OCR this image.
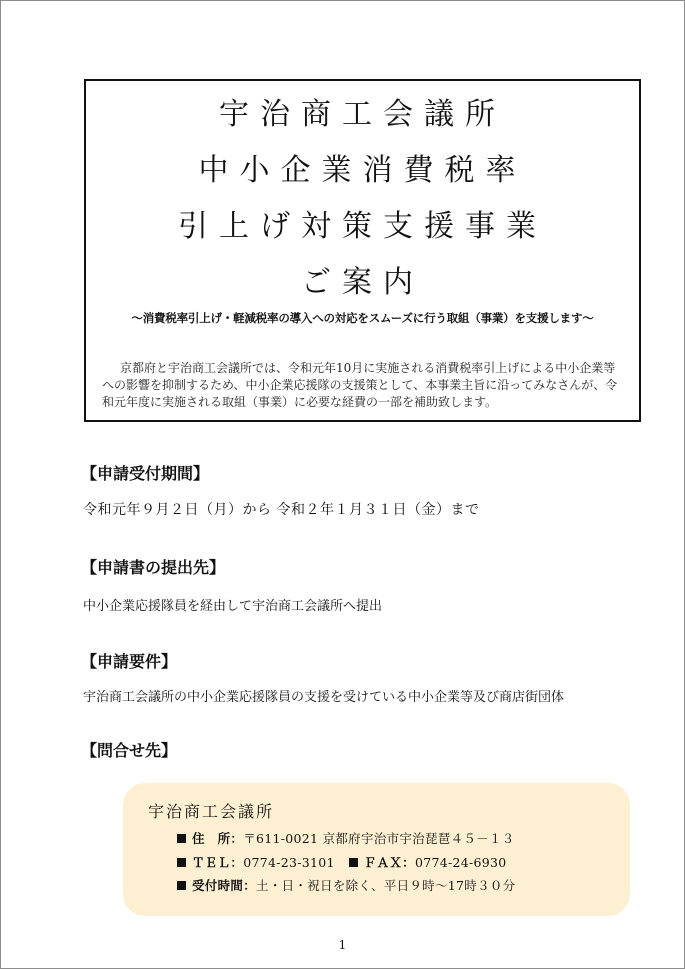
宇治商工会議所
中小企業消費税率
引上げ対策支援事業
ご案内
～消費税率引上げ・軽減税率の導入への対応をスムーズに行う取組（事業）を支援します～
京都府と宇治商工会議所では、令和元年10月に実施される消費税率引上げによる中小企業等への影響を抑制するため、中小企業応援隊の支援策として、本事業主旨に沿ってみなさんが、令和元年度に実施される取組（事業）に必要な経費の一部を補助致します。
【申請受付期間】
令和元年９月２日（月）から 令和２年１月３１日（金）まで
【申請書の提出先】
中小企業応援隊員を経由して宇治商工会議所へ提出
【申請要件】
宇治商工会議所の中小企業応援隊員の支援を受けている中小企業等及び商店街団体
【問合せ先】
宇治商工会議所
住　所：〒611-0021 京都府宇治市宇治琵琶４５－１３
ＴＥＬ：0774-23-3101 ＦＡＸ：0774-24-6930
受付時間：土・日・祝日を除く、平日９時～17時３０分
1
